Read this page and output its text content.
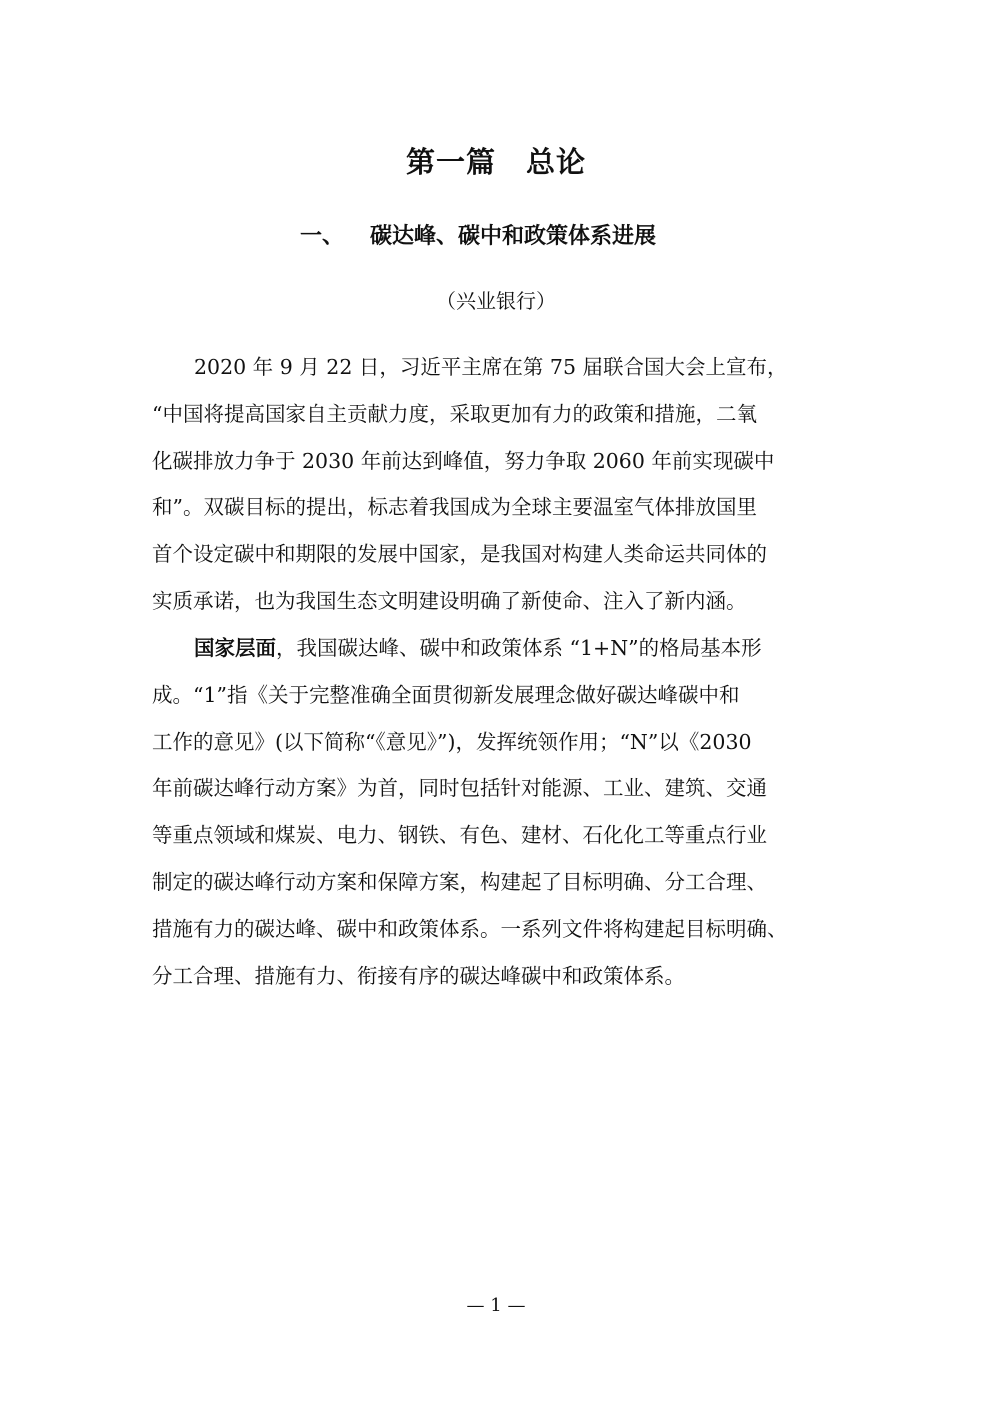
第一篇 总论
一、 碳达峰、碳中和政策体系进展
（兴业银行）
2020 年 9 月 22 日，习近平主席在第 75 届联合国大会上宣布，
“中国将提高国家自主贡献力度，采取更加有力的政策和措施，二氧
化碳排放力争于 2030 年前达到峰值，努力争取 2060 年前实现碳中
和”。双碳目标的提出，标志着我国成为全球主要温室气体排放国里
首个设定碳中和期限的发展中国家，是我国对构建人类命运共同体的
实质承诺，也为我国生态文明建设明确了新使命、注入了新内涵。
国家层面，我国碳达峰、碳中和政策体系 “1+N”的格局基本形
成。“1”指《关于完整准确全面贯彻新发展理念做好碳达峰碳中和
工作的意见》(以下简称“《意见》”)，发挥统领作用；“N”以《2030
年前碳达峰行动方案》为首，同时包括针对能源、工业、建筑、交通
等重点领域和煤炭、电力、钢铁、有色、建材、石化化工等重点行业
制定的碳达峰行动方案和保障方案，构建起了目标明确、分工合理、
措施有力的碳达峰、碳中和政策体系。一系列文件将构建起目标明确、
分工合理、措施有力、衔接有序的碳达峰碳中和政策体系。
— 1 —
